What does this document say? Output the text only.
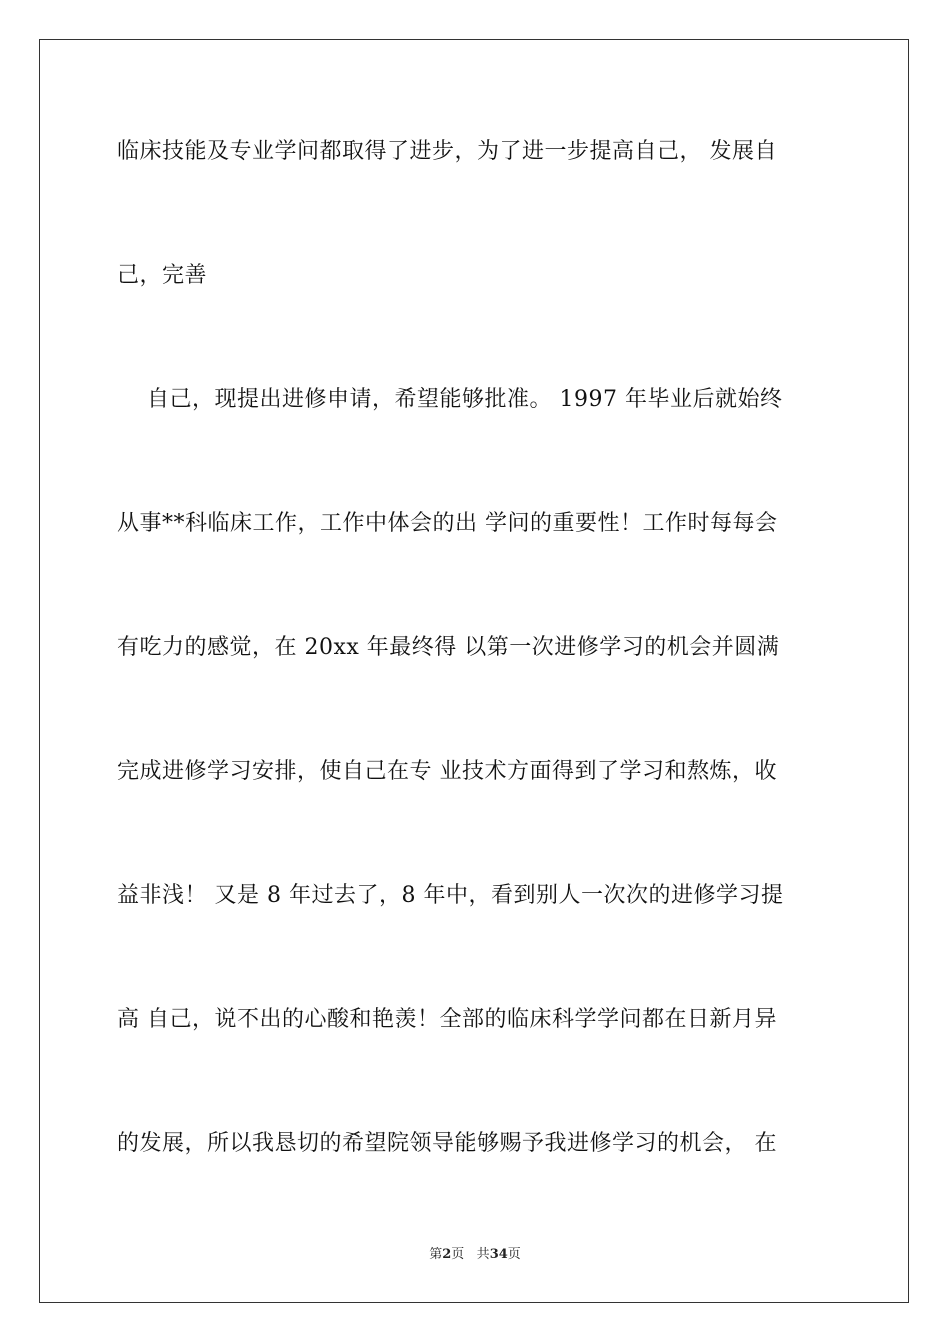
临床技能及专业学问都取得了进步，为了进一步提高自己， 发展自
己，完善
自己，现提出进修申请，希望能够批准。 1997 年毕业后就始终
从事**科临床工作，工作中体会的出 学问的重要性！工作时每每会
有吃力的感觉，在 20xx 年最终得 以第一次进修学习的机会并圆满
完成进修学习安排，使自己在专 业技术方面得到了学习和熬炼，收
益非浅！ 又是 8 年过去了，8 年中，看到别人一次次的进修学习提
高 自己，说不出的心酸和艳羡！全部的临床科学学问都在日新月异
的发展，所以我恳切的希望院领导能够赐予我进修学习的机会， 在
第2页 共34页
